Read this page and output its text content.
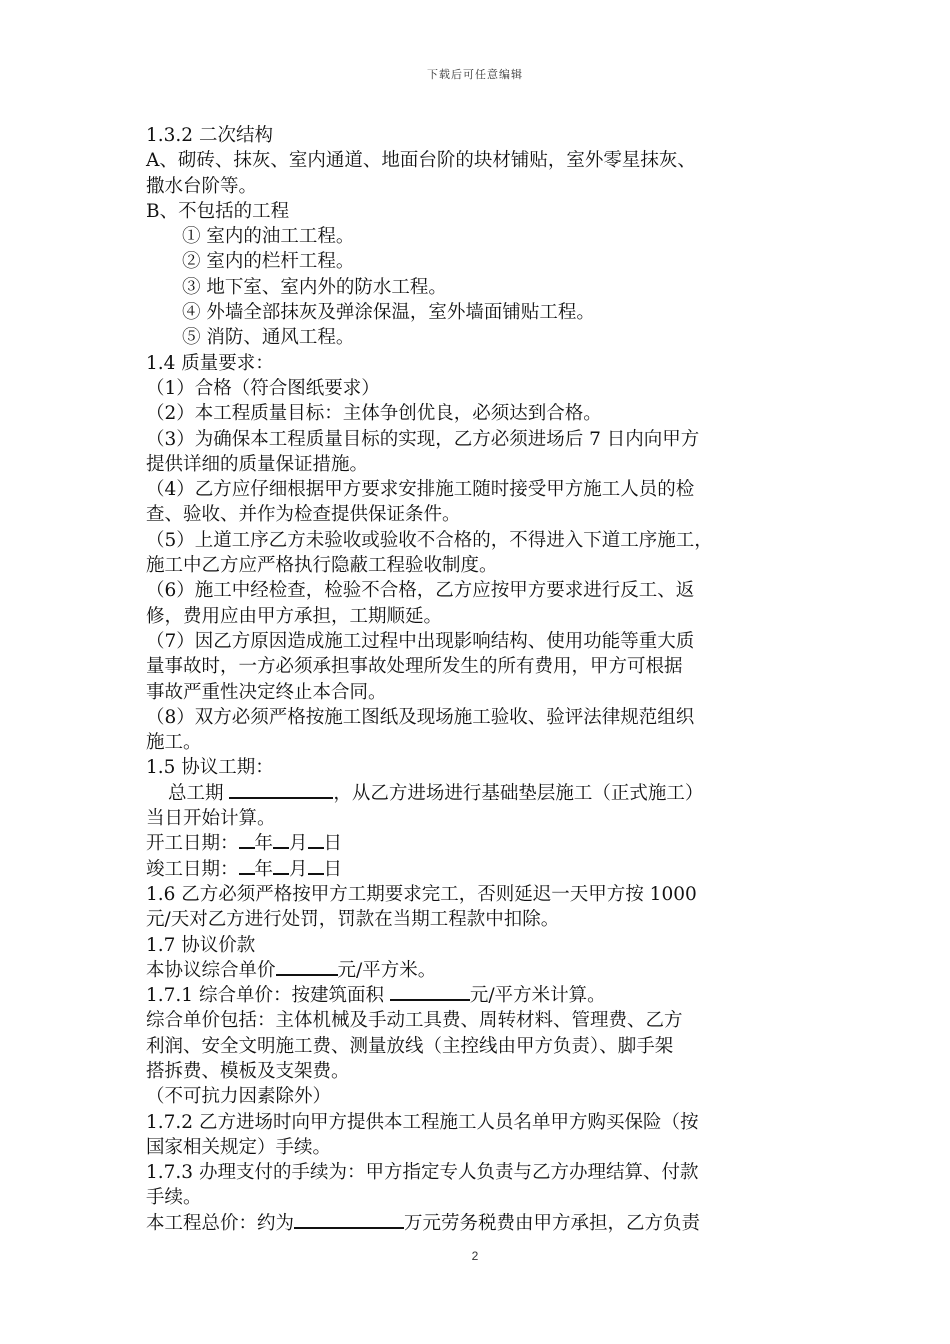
下载后可任意编辑

1.3.2 二次结构

A、砌砖、抹灰、室内通道、地面台阶的块材铺贴，室外零星抹灰、

撒水台阶等。

B、不包括的工程

① 室内的油工工程。

② 室内的栏杆工程。

③ 地下室、室内外的防水工程。

④ 外墙全部抹灰及弹涂保温，室外墙面铺贴工程。

⑤ 消防、通风工程。

1.4 质量要求：

（1）合格（符合图纸要求）

（2）本工程质量目标：主体争创优良，必须达到合格。

（3）为确保本工程质量目标的实现，乙方必须进场后 7 日内向甲方

提供详细的质量保证措施。

（4）乙方应仔细根据甲方要求安排施工随时接受甲方施工人员的检

查、验收、并作为检查提供保证条件。

（5）上道工序乙方未验收或验收不合格的，不得进入下道工序施工，

施工中乙方应严格执行隐蔽工程验收制度。

（6）施工中经检查，检验不合格，乙方应按甲方要求进行反工、返

修，费用应由甲方承担，工期顺延。

（7）因乙方原因造成施工过程中出现影响结构、使用功能等重大质

量事故时，一方必须承担事故处理所发生的所有费用，甲方可根据

事故严重性决定终止本合同。

（8）双方必须严格按施工图纸及现场施工验收、验评法律规范组织

施工。

1.5 协议工期：

总工期	，从乙方进场进行基础垫层施工（正式施工）

当日开始计算。

开工日期： 年 月 日

竣工日期： 年 月 日

1.6 乙方必须严格按甲方工期要求完工，否则延迟一天甲方按 1000

元/天对乙方进行处罚，罚款在当期工程款中扣除。

1.7 协议价款

本协议综合单价	元/平方米。

1.7.1 综合单价：按建筑面积	元/平方米计算。

综合单价包括：主体机械及手动工具费、周转材料、管理费、乙方

利润、安全文明施工费、测量放线（主控线由甲方负责）、脚手架

搭拆费、模板及支架费。

（不可抗力因素除外）

1.7.2 乙方进场时向甲方提供本工程施工人员名单甲方购买保险（按

国家相关规定）手续。

1.7.3 办理支付的手续为：甲方指定专人负责与乙方办理结算、付款

手续。

本工程总价：约为	万元劳务税费由甲方承担，乙方负责

2
